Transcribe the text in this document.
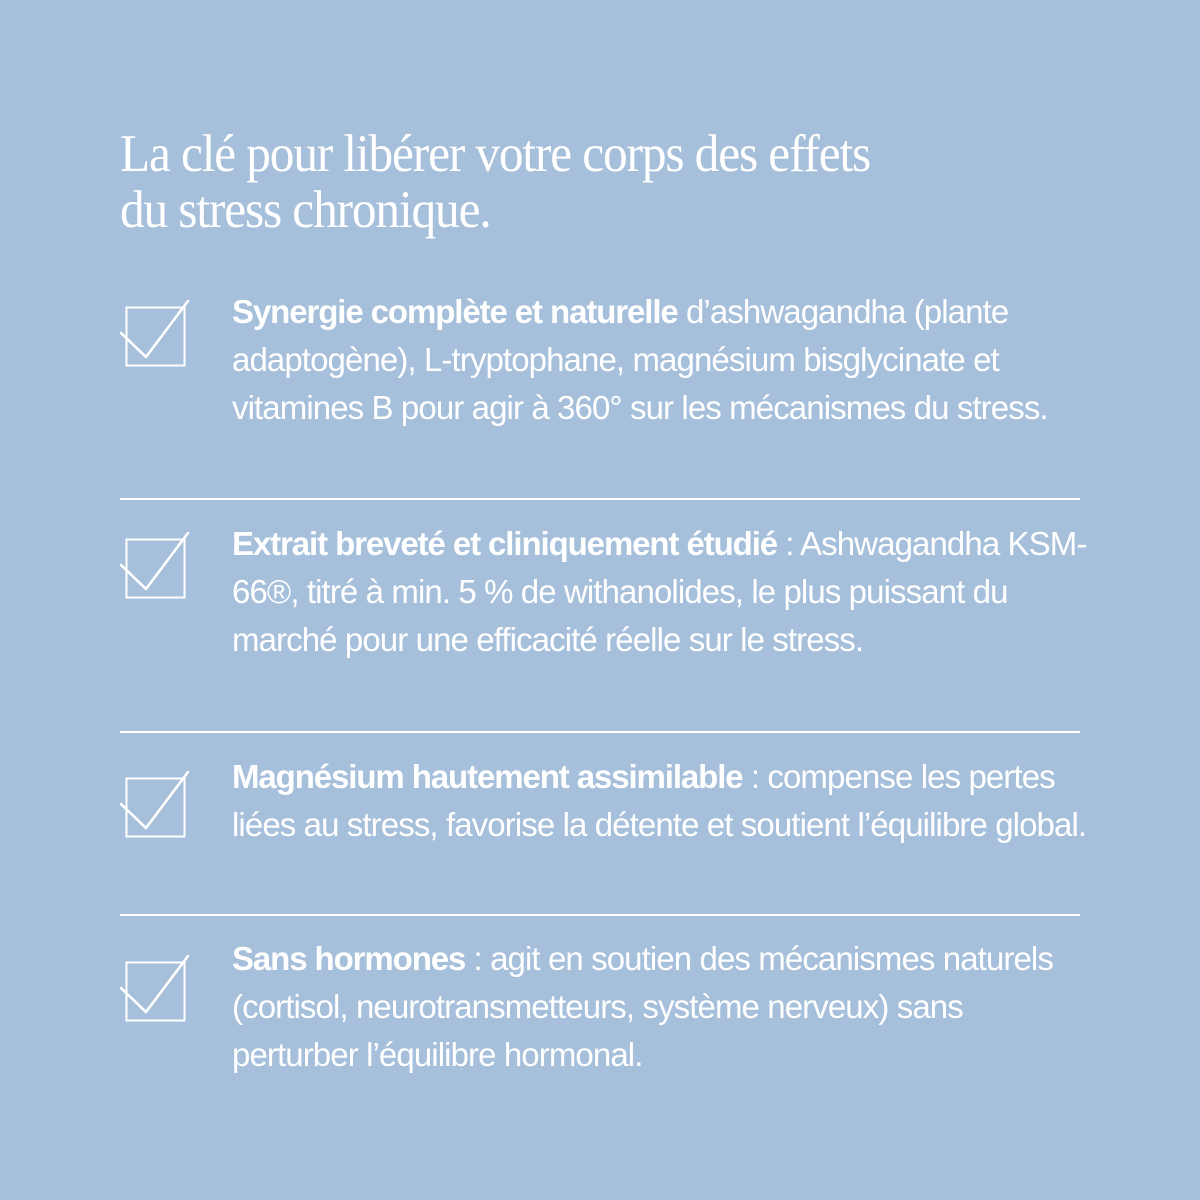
La clé pour libérer votre corps des effets
du stress chronique.

Synergie complète et naturelle d’ashwagandha (plante adaptogène), L-tryptophane, magnésium bisglycinate et vitamines B pour agir à 360° sur les mécanismes du stress.

Extrait breveté et cliniquement étudié : Ashwagandha KSM-66®, titré à min. 5 % de withanolides, le plus puissant du marché pour une efficacité réelle sur le stress.

Magnésium hautement assimilable : compense les pertes liées au stress, favorise la détente et soutient l’équilibre global.

Sans hormones : agit en soutien des mécanismes naturels (cortisol, neurotransmetteurs, système nerveux) sans perturber l’équilibre hormonal.
